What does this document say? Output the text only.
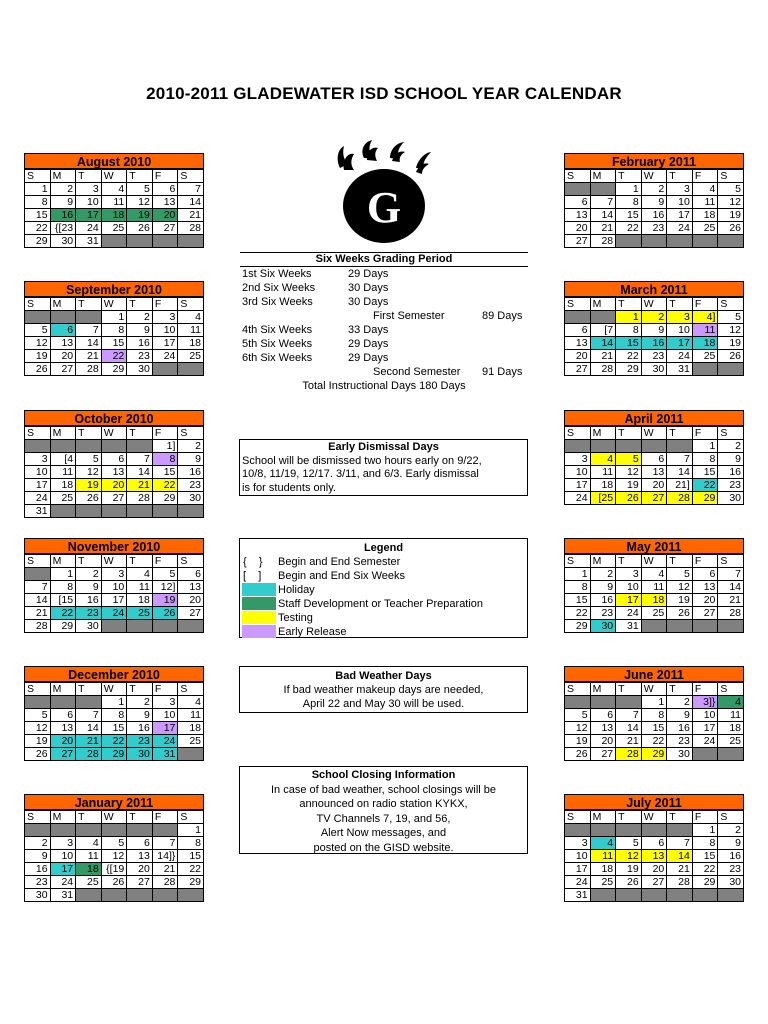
2010-2011 GLADEWATER ISD SCHOOL YEAR CALENDAR
August 2010
S	M	T	W	T	F	S
1	2	3	4	5	6	7
8	9	10	11	12	13	14
15	16	17	18	19	20	21
22	{[23	24	25	26	27	28
29	30	31				
September 2010
S	M	T	W	T	F	S
			1	2	3	4
5	6	7	8	9	10	11
12	13	14	15	16	17	18
19	20	21	22	23	24	25
26	27	28	29	30		
October 2010
S	M	T	W	T	F	S
					1]	2
3	[4	5	6	7	8	9
10	11	12	13	14	15	16
17	18	19	20	21	22	23
24	25	26	27	28	29	30
31						
November 2010
S	M	T	W	T	F	S
	1	2	3	4	5	6
7	8	9	10	11	12]	13
14	[15	16	17	18	19	20
21	22	23	24	25	26	27
28	29	30				
December 2010
S	M	T	W	T	F	S
			1	2	3	4
5	6	7	8	9	10	11
12	13	14	15	16	17	18
19	20	21	22	23	24	25
26	27	28	29	30	31	
January 2011
S	M	T	W	T	F	S
						1
2	3	4	5	6	7	8
9	10	11	12	13	14]}	15
16	17	18	{[19	20	21	22
23	24	25	26	27	28	29
30	31					
February 2011
S	M	T	W	T	F	S
		1	2	3	4	5
6	7	8	9	10	11	12
13	14	15	16	17	18	19
20	21	22	23	24	25	26
27	28					
March 2011
S	M	T	W	T	F	S
		1	2	3	4]	5
6	[7	8	9	10	11	12
13	14	15	16	17	18	19
20	21	22	23	24	25	26
27	28	29	30	31		
April 2011
S	M	T	W	T	F	S
					1	2
3	4	5	6	7	8	9
10	11	12	13	14	15	16
17	18	19	20	21]	22	23
24	[25	26	27	28	29	30
May 2011
S	M	T	W	T	F	S
1	2	3	4	5	6	7
8	9	10	11	12	13	14
15	16	17	18	19	20	21
22	23	24	25	26	27	28
29	30	31				
June 2011
S	M	T	W	T	F	S
			1	2	3]}	4
5	6	7	8	9	10	11
12	13	14	15	16	17	18
19	20	21	22	23	24	25
26	27	28	29	30		
July 2011
S	M	T	W	T	F	S
					1	2
3	4	5	6	7	8	9
10	11	12	13	14	15	16
17	18	19	20	21	22	23
24	25	26	27	28	29	30
31						
G
Six Weeks Grading Period
1st Six Weeks	29 Days
2nd Six Weeks	30 Days
3rd Six Weeks	30 Days
First Semester	89 Days
4th Six Weeks	33 Days
5th Six Weeks	29 Days
6th Six Weeks	29 Days
Second Semester 91 Days
Total Instructional Days 180 Days
Early Dismissal Days
School will be dismissed two hours early on 9/22,
10/8, 11/19, 12/17. 3/11, and 6/3. Early dismissal
is for students only.
Legend
{    }	Begin and End Semester
[    ]	Begin and End Six Weeks
Holiday
Staff Development or Teacher Preparation
Testing
Early Release
Bad Weather Days
If bad weather makeup days are needed,
April 22 and May 30 will be used.
School Closing Information
In case of bad weather, school closings will be
announced on radio station KYKX,
TV Channels 7, 19, and 56,
Alert Now messages, and
posted on the GISD website.
